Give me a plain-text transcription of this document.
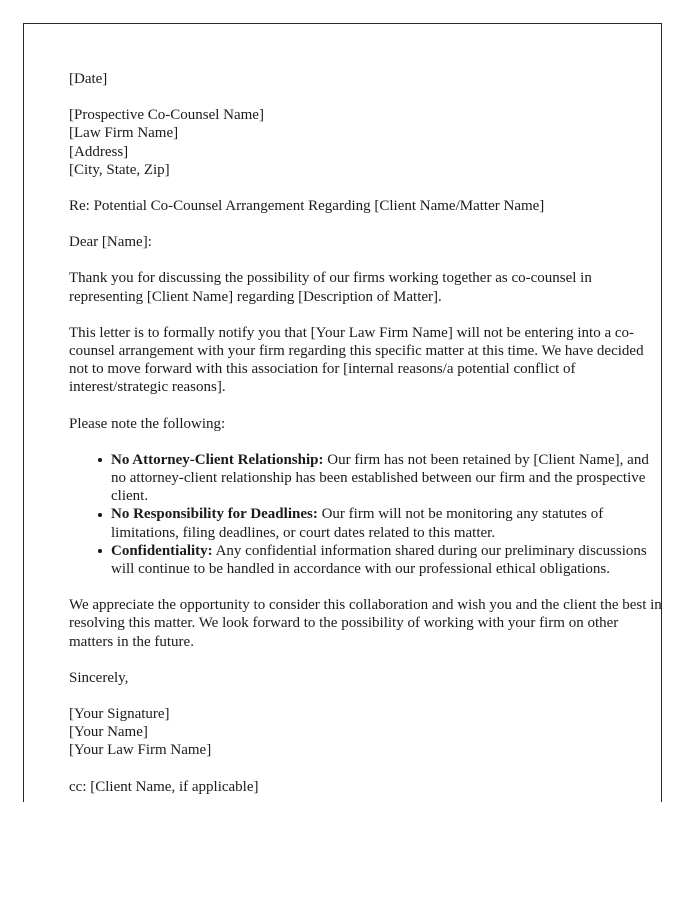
[Date]
[Prospective Co-Counsel Name]
[Law Firm Name]
[Address]
[City, State, Zip]
Re: Potential Co-Counsel Arrangement Regarding [Client Name/Matter Name]
Dear [Name]:

Thank you for discussing the possibility of our firms working together as co-counsel in representing [Client Name] regarding [Description of Matter].

This letter is to formally notify you that [Your Law Firm Name] will not be entering into a co-counsel arrangement with your firm regarding this specific matter at this time. We have decided not to move forward with this association for [internal reasons/a potential conflict of interest/strategic reasons].

Please note the following:
No Attorney-Client Relationship: Our firm has not been retained by [Client Name], and no attorney-client relationship has been established between our firm and the prospective client.
No Responsibility for Deadlines: Our firm will not be monitoring any statutes of limitations, filing deadlines, or court dates related to this matter.
Confidentiality: Any confidential information shared during our preliminary discussions will continue to be handled in accordance with our professional ethical obligations.

We appreciate the opportunity to consider this collaboration and wish you and the client the best in resolving this matter. We look forward to the possibility of working with your firm on other matters in the future.

Sincerely,
[Your Signature]
[Your Name]
[Your Law Firm Name]
cc: [Client Name, if applicable]
